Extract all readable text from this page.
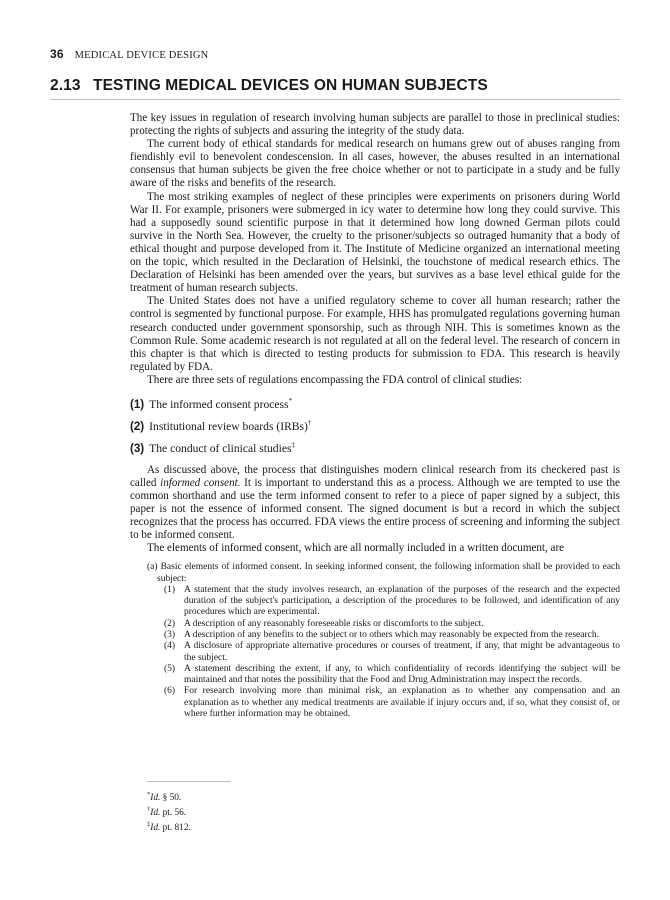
36 MEDICAL DEVICE DESIGN
2.13 TESTING MEDICAL DEVICES ON HUMAN SUBJECTS

The key issues in regulation of research involving human subjects are parallel to those in preclinical studies: protecting the rights of subjects and assuring the integrity of the study data.

The current body of ethical standards for medical research on humans grew out of abuses ranging from fiendishly evil to benevolent condescension. In all cases, however, the abuses resulted in an international consensus that human subjects be given the free choice whether or not to participate in a study and be fully aware of the risks and benefits of the research.

The most striking examples of neglect of these principles were experiments on prisoners during World War II. For example, prisoners were submerged in icy water to determine how long they could survive. This had a supposedly sound scientific purpose in that it determined how long downed German pilots could survive in the North Sea. However, the cruelty to the prisoner/subjects so outraged humanity that a body of ethical thought and purpose developed from it. The Institute of Medicine organized an international meeting on the topic, which resulted in the Declaration of Helsinki, the touchstone of medical research ethics. The Declaration of Helsinki has been amended over the years, but survives as a base level ethical guide for the treatment of human research subjects.

The United States does not have a unified regulatory scheme to cover all human research; rather the control is segmented by functional purpose. For example, HHS has promulgated regulations governing human research conducted under government sponsorship, such as through NIH. This is sometimes known as the Common Rule. Some academic research is not regulated at all on the federal level. The research of concern in this chapter is that which is directed to testing products for submission to FDA. This research is heavily regulated by FDA.

There are three sets of regulations encompassing the FDA control of clinical studies:

(1) The informed consent process*
(2) Institutional review boards (IRBs)†
(3) The conduct of clinical studies‡

As discussed above, the process that distinguishes modern clinical research from its checkered past is called informed consent. It is important to understand this as a process. Although we are tempted to use the common shorthand and use the term informed consent to refer to a piece of paper signed by a subject, this paper is not the essence of informed consent. The signed document is but a record in which the subject recognizes that the process has occurred. FDA views the entire process of screening and informing the subject to be informed consent.

The elements of informed consent, which are all normally included in a written document, are

(a) Basic elements of informed consent. In seeking informed consent, the following information shall be provided to each subject:
(1) A statement that the study involves research, an explanation of the purposes of the research and the expected duration of the subject's participation, a description of the procedures to be followed, and identification of any procedures which are experimental.
(2) A description of any reasonably foreseeable risks or discomforts to the subject.
(3) A description of any benefits to the subject or to others which may reasonably be expected from the research.
(4) A disclosure of appropriate alternative procedures or courses of treatment, if any, that might be advantageous to the subject.
(5) A statement describing the extent, if any, to which confidentiality of records identifying the subject will be maintained and that notes the possibility that the Food and Drug Administration may inspect the records.
(6) For research involving more than minimal risk, an explanation as to whether any compensation and an explanation as to whether any medical treatments are available if injury occurs and, if so, what they consist of, or where further information may be obtained.
*Id. § 50.
†Id. pt. 56.
‡Id. pt. 812.
